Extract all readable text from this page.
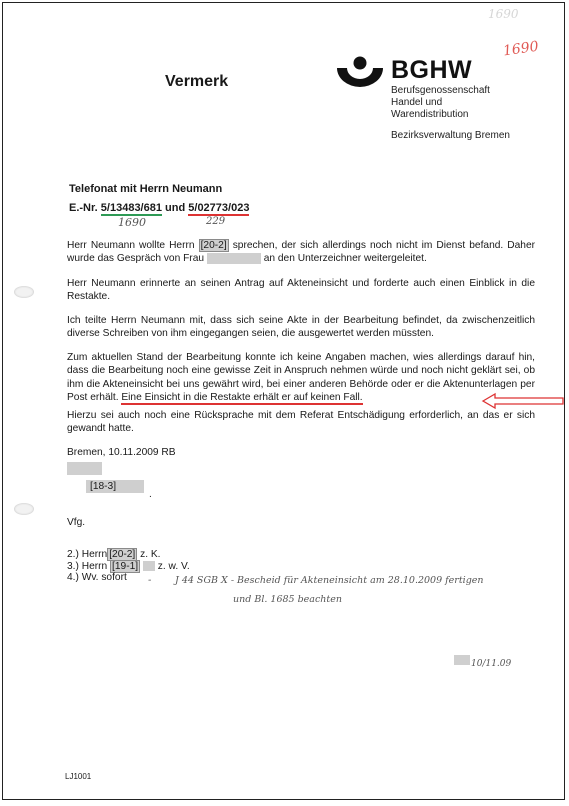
1690
1690
Vermerk	BGHW
Berufsgenossenschaft
Handel und
Warendistribution
Bezirksverwaltung Bremen
Telefonat mit Herrn Neumann
E.-Nr. 5/13483/681 und 5/02773/023
1690	229
Herr Neumann wollte Herrn [20-2] sprechen, der sich allerdings noch nicht im Dienst befand. Daher wurde das Gespräch von Frau	an den Unterzeichner weitergeleitet.
Herr Neumann erinnerte an seinen Antrag auf Akteneinsicht und forderte auch einen Einblick in die Restakte.
Ich teilte Herrn Neumann mit, dass sich seine Akte in der Bearbeitung befindet, da zwischenzeitlich diverse Schreiben von ihm eingegangen seien, die ausgewertet werden müssten.
Zum aktuellen Stand der Bearbeitung konnte ich keine Angaben machen, wies allerdings darauf hin, dass die Bearbeitung noch eine gewisse Zeit in Anspruch nehmen würde und noch nicht geklärt sei, ob ihm die Akteneinsicht bei uns gewährt wird, bei einer anderen Behörde oder er die Aktenunterlagen per Post erhält. Eine Einsicht in die Restakte erhält er auf keinen Fall.
Hierzu sei auch noch eine Rücksprache mit dem Referat Entschädigung erforderlich, an das er sich gewandt hatte.
Bremen, 10.11.2009 RB
[18-3]
.
Vfg.
2.) Herrn [20-2] z. K.
3.) Herrn [19-1] z. w. V.
4.) Wv. sofort - J 44 SGB X - Bescheid für Akteneinsicht am 28.10.2009 fertigen
und Bl. 1685 beachten
10/11.09
LJ1001
